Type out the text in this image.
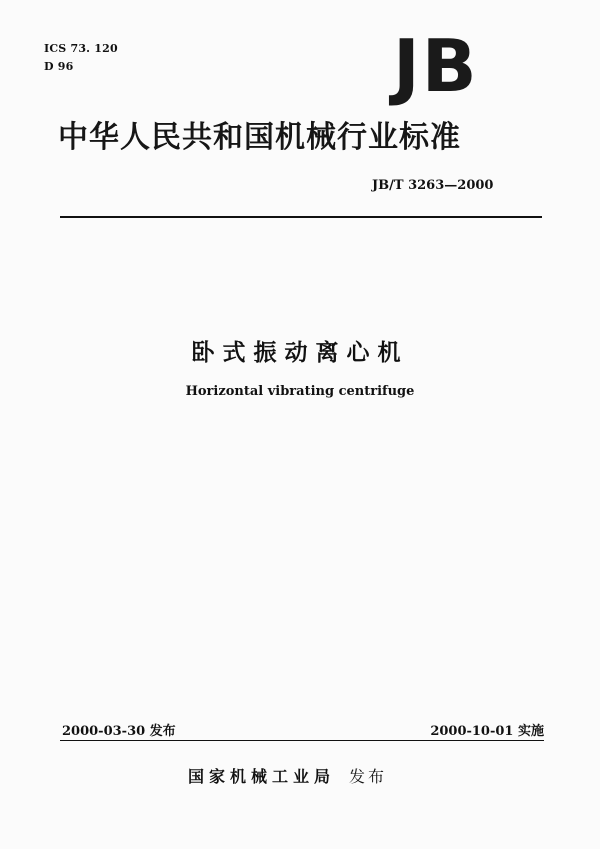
ICS 73. 120
D 96	JB
中华人民共和国机械行业标准
JB/T 3263—2000
卧式振动离心机
Horizontal vibrating centrifuge
2000-03-30 发布	2000-10-01 实施
国家机械工业局 发布
